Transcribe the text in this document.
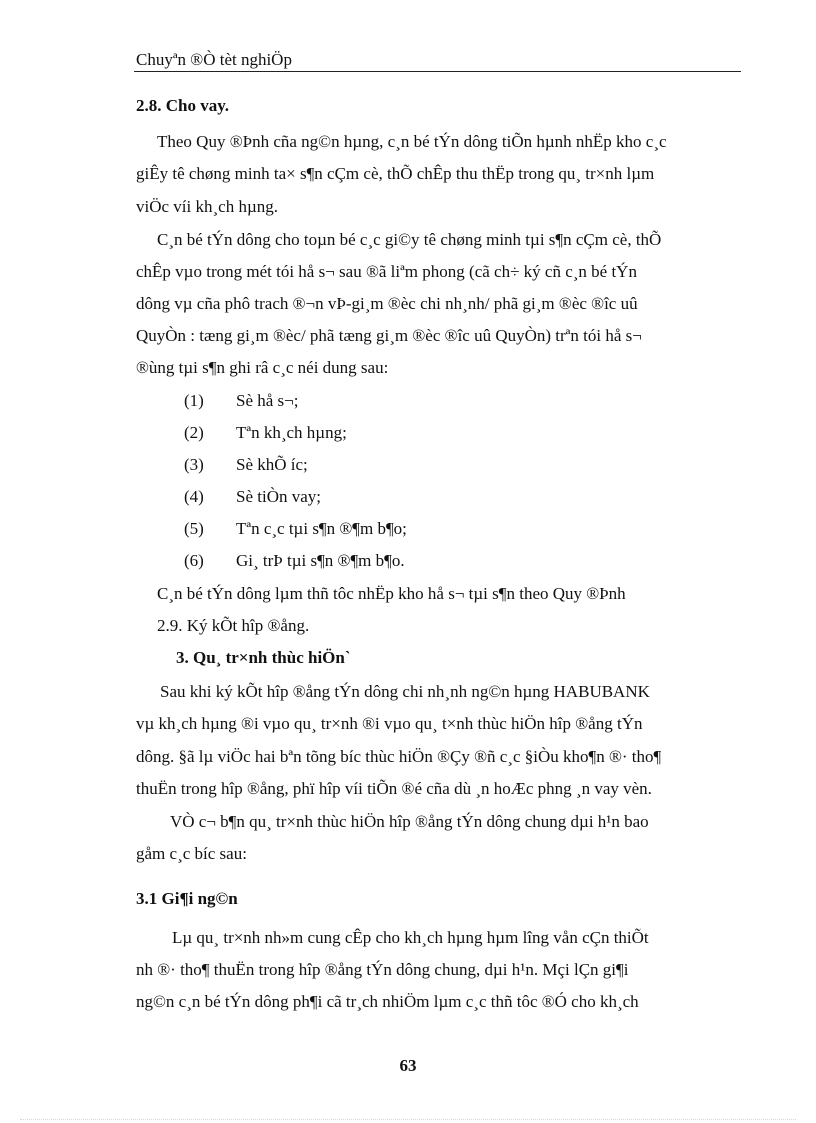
Chuyªn ®Ò tèt nghiÖp
2.8. Cho vay.
Theo Quy ®Þnh cña ng©n hµng, c¸n bé tÝn dông tiÕn hµnh nhËp kho c¸c
giÊy tê chøng minh ta× s¶n cÇm cè, thÕ chÊp thu thËp trong qu¸ tr×nh lµm
viÖc víi kh¸ch hµng.
C¸n bé tÝn dông cho toµn bé c¸c gi©y tê chøng minh tµi s¶n cÇm cè, thÕ
chÊp vµo trong mét tói hå s¬ sau ®ã liªm phong (cã ch÷ ký cñ c¸n bé tÝn
dông vµ cña phô trach ®¬n vÞ-gi¸m ®èc chi nh¸nh/ phã gi¸m ®èc ®îc uû
QuyÒn : tæng gi¸m ®èc/ phã tæng gi¸m ®èc ®îc uû QuyÒn) trªn tói hå s¬
®ùng tµi s¶n ghi râ c¸c néi dung sau:
(1) Sè hå s¬;
(2) Tªn kh¸ch hµng;
(3) Sè khÕ íc;
(4) Sè tiÒn vay;
(5) Tªn c¸c tµi s¶n ®¶m b¶o;
(6) Gi¸ trÞ tµi s¶n ®¶m b¶o.
C¸n bé tÝn dông lµm thñ tôc nhËp kho hå s¬ tµi s¶n theo Quy ®Þnh
2.9. Ký kÕt hîp ®ång.
3. Qu¸ tr×nh thùc hiÖn`
Sau khi ký kÕt hîp ®ång tÝn dông chi nh¸nh ng©n hµng HABUBANK
vµ kh¸ch hµng ®i vµo qu¸ tr×nh ®i vµo qu¸ t×nh thùc hiÖn hîp ®ång tÝn
dông. §ã lµ viÖc hai bªn tõng bíc thùc hiÖn ®Çy ®ñ c¸c §iÒu kho¶n ®· tho¶
thuËn trong hîp ®ång, phï hîp víi tiÕn ®é cña dù ¸n hoÆc phng ¸n vay vèn.
VÒ c¬ b¶n qu¸ tr×nh thùc hiÖn hîp ®ång tÝn dông chung dµi h¹n bao
gåm c¸c bíc sau:
3.1 Gi¶i ng©n
Lµ qu¸ tr×nh nh»m cung cÊp cho kh¸ch hµng hµm lîng vån cÇn thiÕt
nh ®· tho¶ thuËn trong hîp ®ång tÝn dông chung, dµi h¹n. Mçi lÇn gi¶i
ng©n c¸n bé tÝn dông ph¶i cã tr¸ch nhiÖm lµm c¸c thñ tôc ®Ó cho kh¸ch
63
